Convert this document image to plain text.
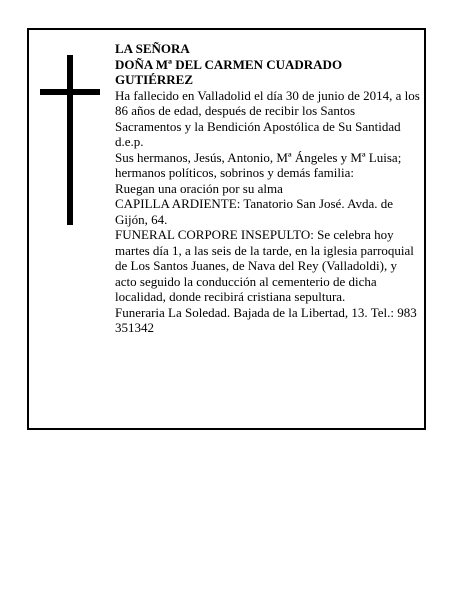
LA SEÑORA

DOÑA Mª DEL CARMEN CUADRADO GUTIÉRREZ

Ha fallecido en Valladolid el día 30 de junio de 2014, a los 86 años de edad, después de recibir los Santos Sacramentos y la Bendición Apostólica de Su Santidad

d.e.p.

Sus hermanos, Jesús, Antonio, Mª Ángeles y Mª Luisa; hermanos políticos, sobrinos y demás familia:

Ruegan una oración por su alma

CAPILLA ARDIENTE: Tanatorio San José. Avda. de Gijón, 64.

FUNERAL CORPORE INSEPULTO: Se celebra hoy martes día 1, a las seis de la tarde, en la iglesia parroquial de Los Santos Juanes, de Nava del Rey (Valladoldi), y acto seguido la conducción al cementerio de dicha localidad, donde recibirá cristiana sepultura.

Funeraria La Soledad. Bajada de la Libertad, 13. Tel.: 983 351342
